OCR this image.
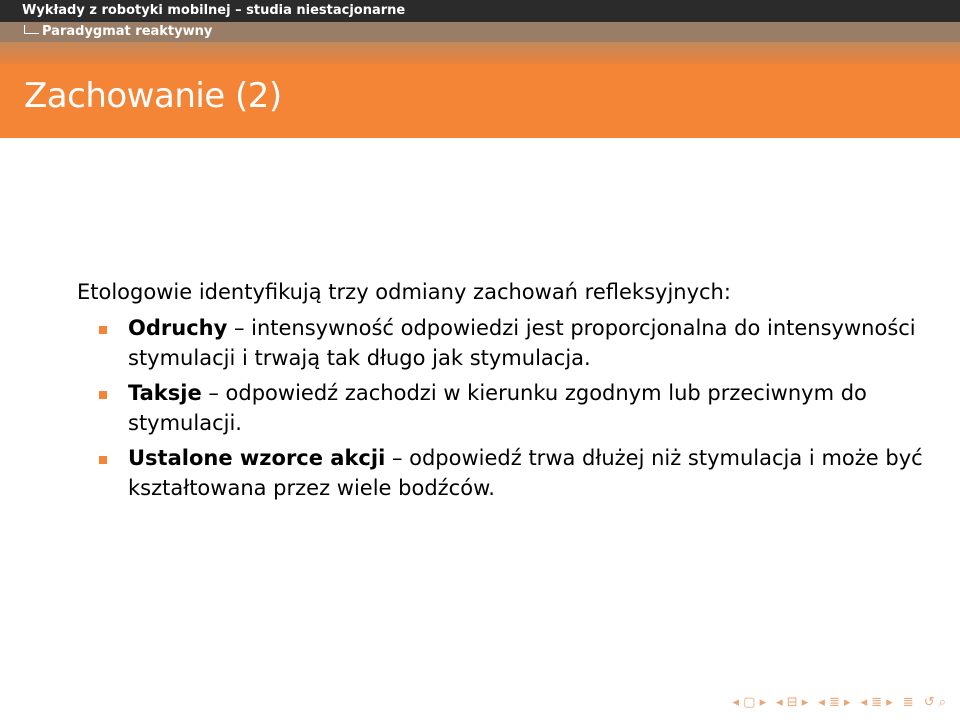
Wykłady z robotyki mobilnej – studia niestacjonarne
Paradygmat reaktywny
Zachowanie (2)

Etologowie identyfikują trzy odmiany zachowań refleksyjnych:

Odruchy – intensywność odpowiedzi jest proporcjonalna do intensywności stymulacji i trwają tak długo jak stymulacja.
Taksje – odpowiedź zachodzi w kierunku zgodnym lub przeciwnym do stymulacji.
Ustalone wzorce akcji – odpowiedź trwa dłużej niż stymulacja i może być kształtowana przez wiele bodźców.
◂ ▢ ▸ ◂ ⊟ ▸ ◂ ≣ ▸ ◂ ≣ ▸ ≣ ↺ ⌕
